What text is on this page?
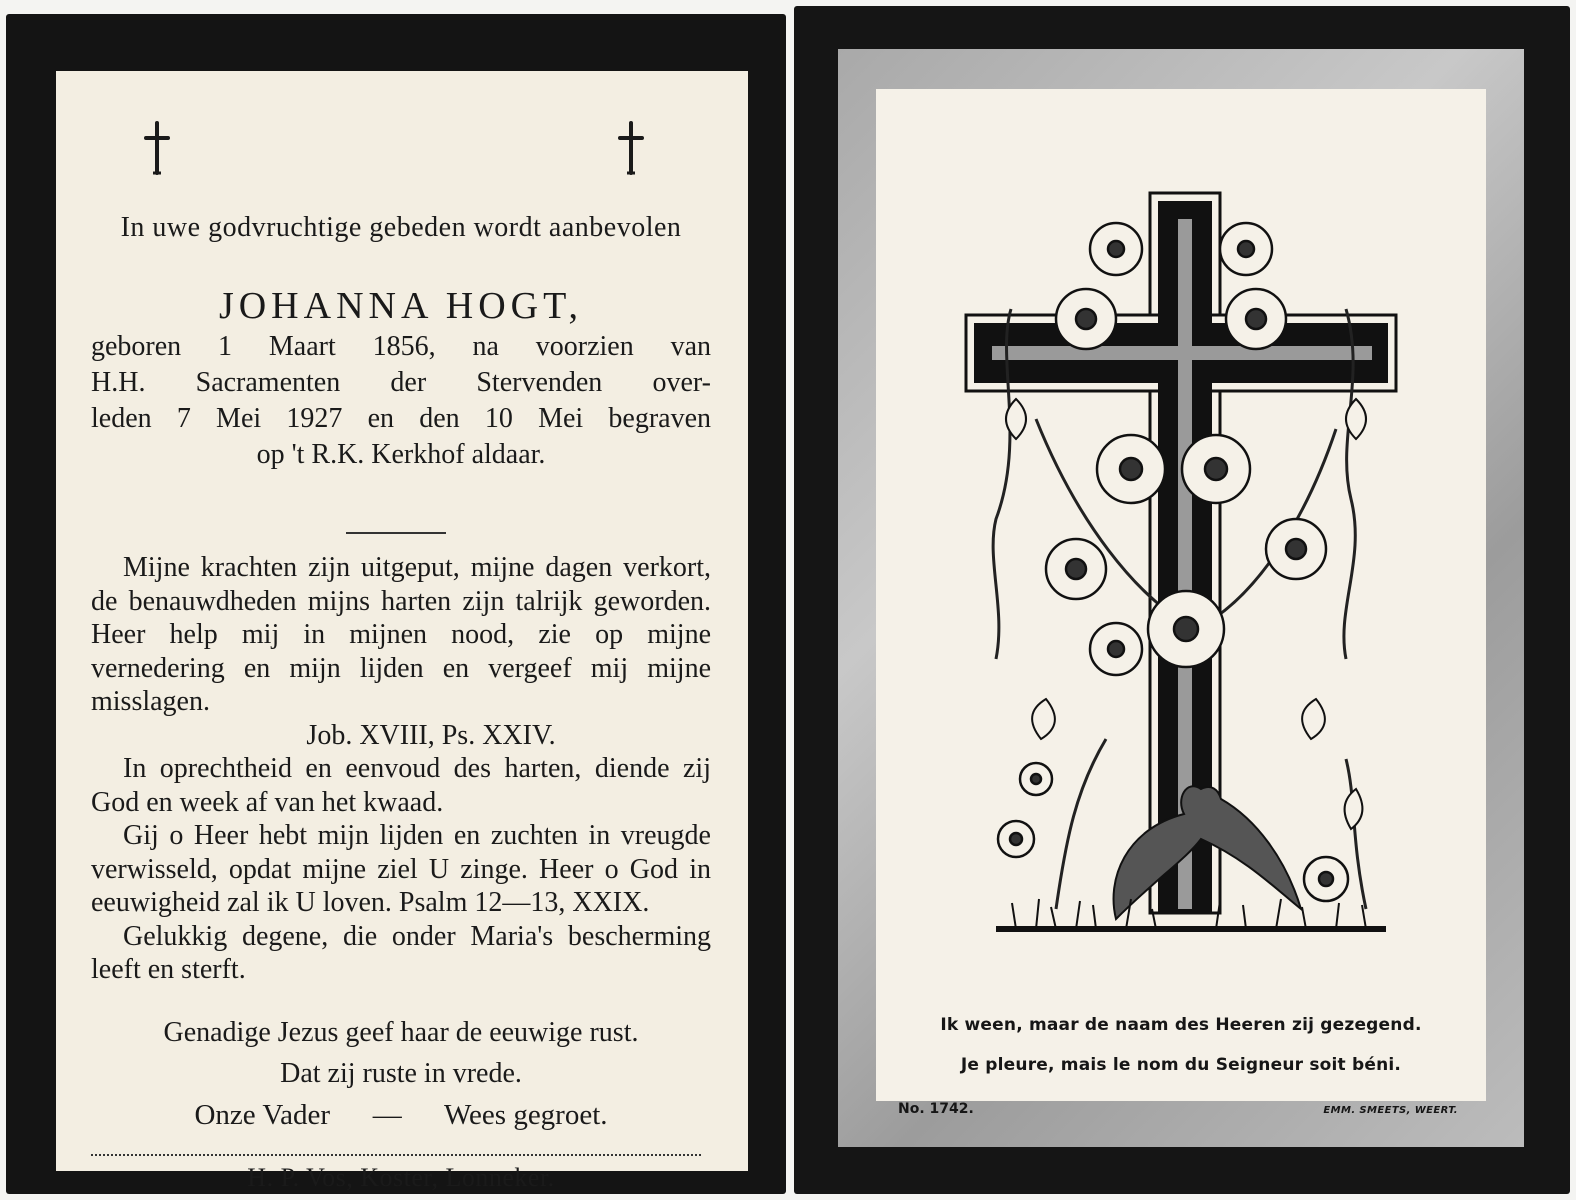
In uwe godvruchtige gebeden wordt aanbevolen
JOHANNA HOGT,
geboren 1 Maart 1856, na voorzien van
H.H. Sacramenten der Stervenden over-
leden 7 Mei 1927 en den 10 Mei begraven
op 't R.K. Kerkhof aldaar.

Mijne krachten zijn uitgeput, mijne dagen verkort, de benauwdheden mijns harten zijn talrijk geworden. Heer help mij in mijnen nood, zie op mijne vernedering en mijn lijden en vergeef mij mijne misslagen.

Job. XVIII, Ps. XXIV.

In oprechtheid en eenvoud des harten, diende zij God en week af van het kwaad.

Gij o Heer hebt mijn lijden en zuchten in vreugde verwisseld, opdat mijne ziel U zinge. Heer o God in eeuwigheid zal ik U loven. Psalm 12—13, XXIX.

Gelukkig degene, die onder Maria's bescherming leeft en sterft.

Genadige Jezus geef haar de eeuwige rust.
Dat zij ruste in vrede.
Onze Vader — Wees gegroet.
H. P. Vos, Koster, Lonneker.
Ik ween, maar de naam des Heeren zij gezegend.
Je pleure, mais le nom du Seigneur soit béni.
No. 1742.	EMM. SMEETS, WEERT.
